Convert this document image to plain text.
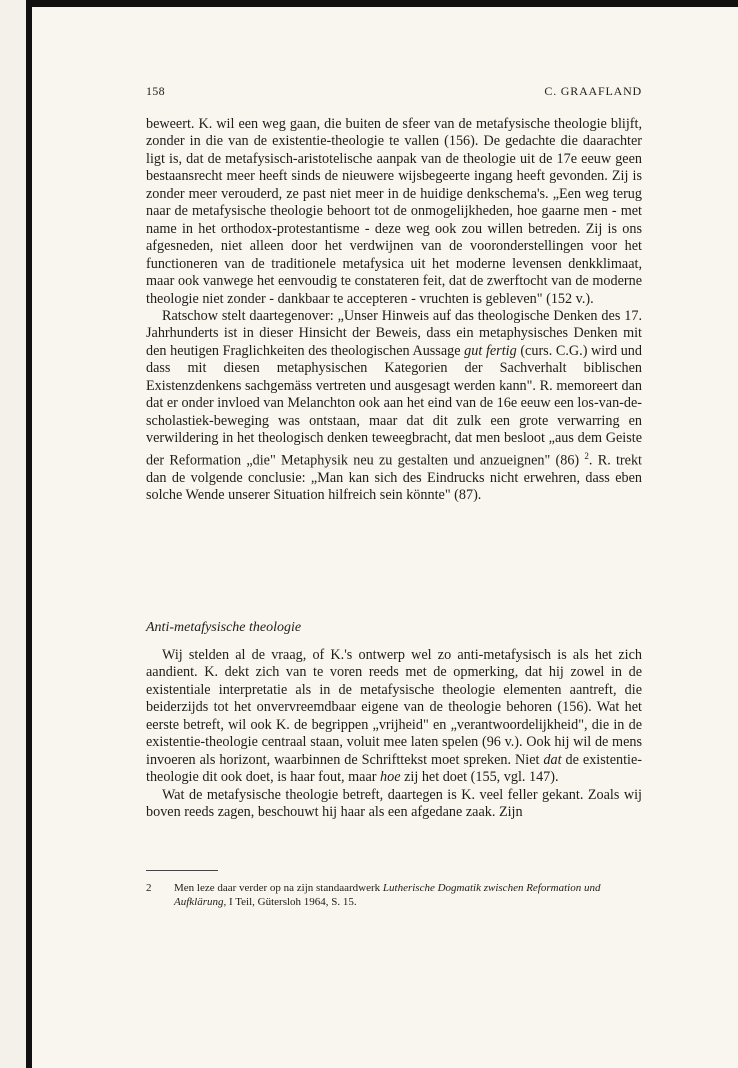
158	C. GRAAFLAND

beweert. K. wil een weg gaan, die buiten de sfeer van de metafysische theologie blijft, zonder in die van de existentie-theologie te vallen (156). De gedachte die daarachter ligt is, dat de metafysisch-aristotelische aanpak van de theologie uit de 17e eeuw geen bestaansrecht meer heeft sinds de nieuwere wijsbegeerte ingang heeft gevonden. Zij is zonder meer verouderd, ze past niet meer in de huidige denkschema's. „Een weg terug naar de metafysische theologie behoort tot de onmogelijkheden, hoe gaarne men - met name in het orthodox-protestantisme - deze weg ook zou willen betreden. Zij is ons afgesneden, niet alleen door het verdwijnen van de vooronderstellingen voor het functioneren van de traditionele metafysica uit het moderne levensen denkklimaat, maar ook vanwege het eenvoudig te constateren feit, dat de zwerftocht van de moderne theologie niet zonder - dankbaar te accepteren - vruchten is gebleven" (152 v.).

Ratschow stelt daartegenover: „Unser Hinweis auf das theologische Denken des 17. Jahrhunderts ist in dieser Hinsicht der Beweis, dass ein metaphysisches Denken mit den heutigen Fraglichkeiten des theologischen Aussage gut fertig (curs. C.G.) wird und dass mit diesen metaphysischen Kategorien der Sachverhalt biblischen Existenzdenkens sachgemäss vertreten und ausgesagt werden kann". R. memoreert dan dat er onder invloed van Melanchton ook aan het eind van de 16e eeuw een los-van-de-scholastiek-beweging was ontstaan, maar dat dit zulk een grote verwarring en verwildering in het theologisch denken teweegbracht, dat men besloot „aus dem Geiste der Reformation „die" Metaphysik neu zu gestalten und anzueignen" (86) $^2$. R. trekt dan de volgende conclusie: „Man kan sich des Eindrucks nicht erwehren, dass eben solche Wende unserer Situation hilfreich sein könnte" (87).

Anti-metafysische theologie

Wij stelden al de vraag, of K.'s ontwerp wel zo anti-metafysisch is als het zich aandient. K. dekt zich van te voren reeds met de opmerking, dat hij zowel in de existentiale interpretatie als in de metafysische theologie elementen aantreft, die beiderzijds tot het onvervreemdbaar eigene van de theologie behoren (156). Wat het eerste betreft, wil ook K. de begrippen „vrijheid" en „verantwoordelijkheid", die in de existentie-theologie centraal staan, voluit mee laten spelen (96 v.). Ook hij wil de mens invoeren als horizont, waarbinnen de Schrifttekst moet spreken. Niet dat de existentie-theologie dit ook doet, is haar fout, maar hoe zij het doet (155, vgl. 147).

Wat de metafysische theologie betreft, daartegen is K. veel feller gekant. Zoals wij boven reeds zagen, beschouwt hij haar als een afgedane zaak. Zijn

2 Men leze daar verder op na zijn standaardwerk Lutherische Dogmatik zwischen Reformation und Aufklärung, I Teil, Gütersloh 1964, S. 15.
